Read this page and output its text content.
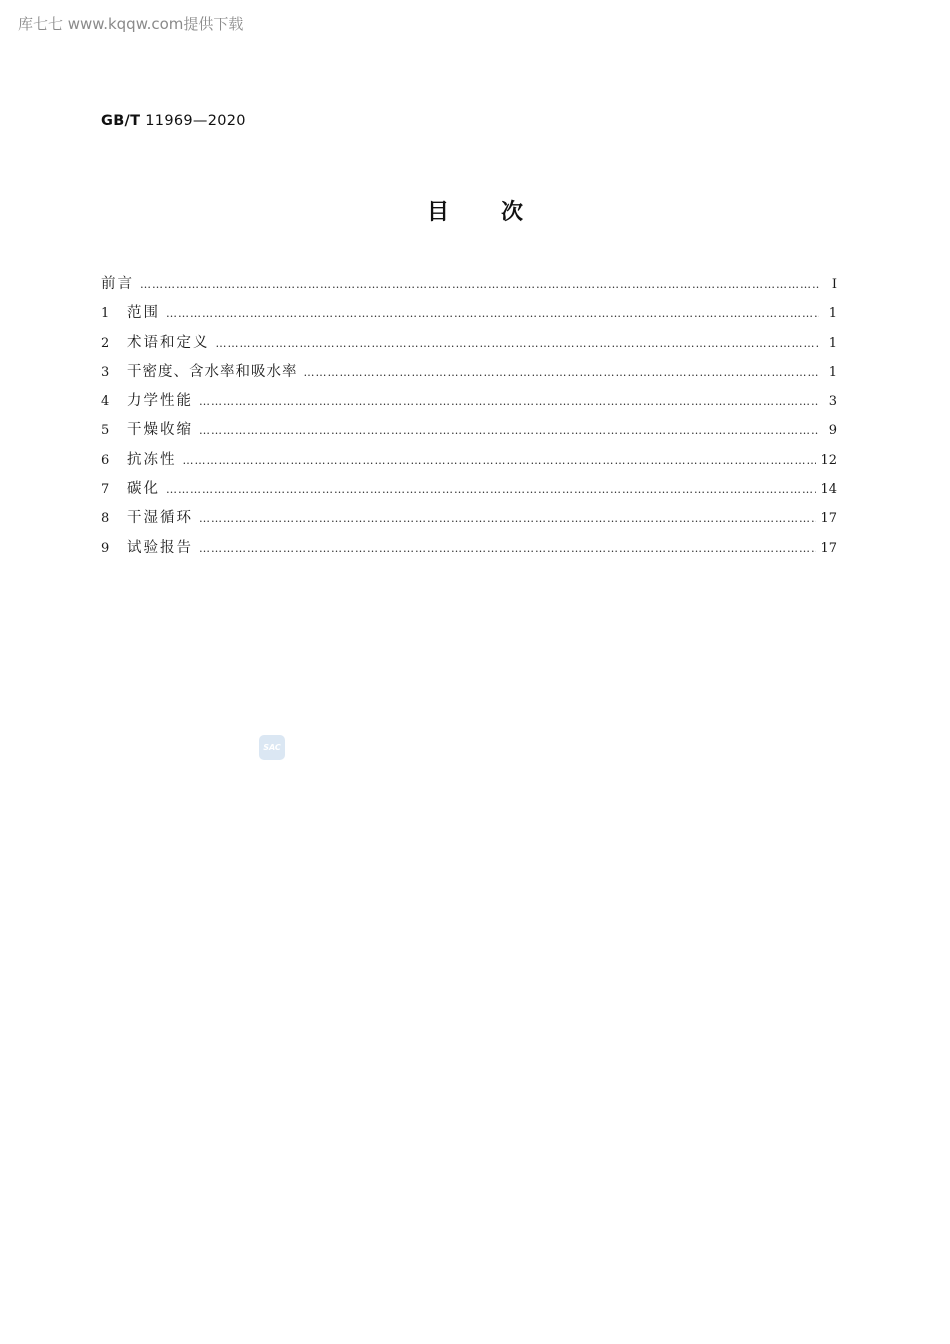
库七七 www.kqqw.com提供下载
GB/T 11969—2020
目次
前言 ……………………………………………………………………………………………………………………………………………………………………………………………………………………………………………………………………	Ⅰ
1	范围 ……………………………………………………………………………………………………………………………………………………………………………………………………………………………………………………………………	1
2	术语和定义 ……………………………………………………………………………………………………………………………………………………………………………………………………………………………………………………………………	1
3	干密度、含水率和吸水率 ……………………………………………………………………………………………………………………………………………………………………………………………………………………………………………………………………	1
4	力学性能 ……………………………………………………………………………………………………………………………………………………………………………………………………………………………………………………………………	3
5	干燥收缩 ……………………………………………………………………………………………………………………………………………………………………………………………………………………………………………………………………	9
6	抗冻性 ……………………………………………………………………………………………………………………………………………………………………………………………………………………………………………………………………	12
7	碳化 ……………………………………………………………………………………………………………………………………………………………………………………………………………………………………………………………………	14
8	干湿循环 ……………………………………………………………………………………………………………………………………………………………………………………………………………………………………………………………………	17
9	试验报告 ……………………………………………………………………………………………………………………………………………………………………………………………………………………………………………………………………	17
SAC
